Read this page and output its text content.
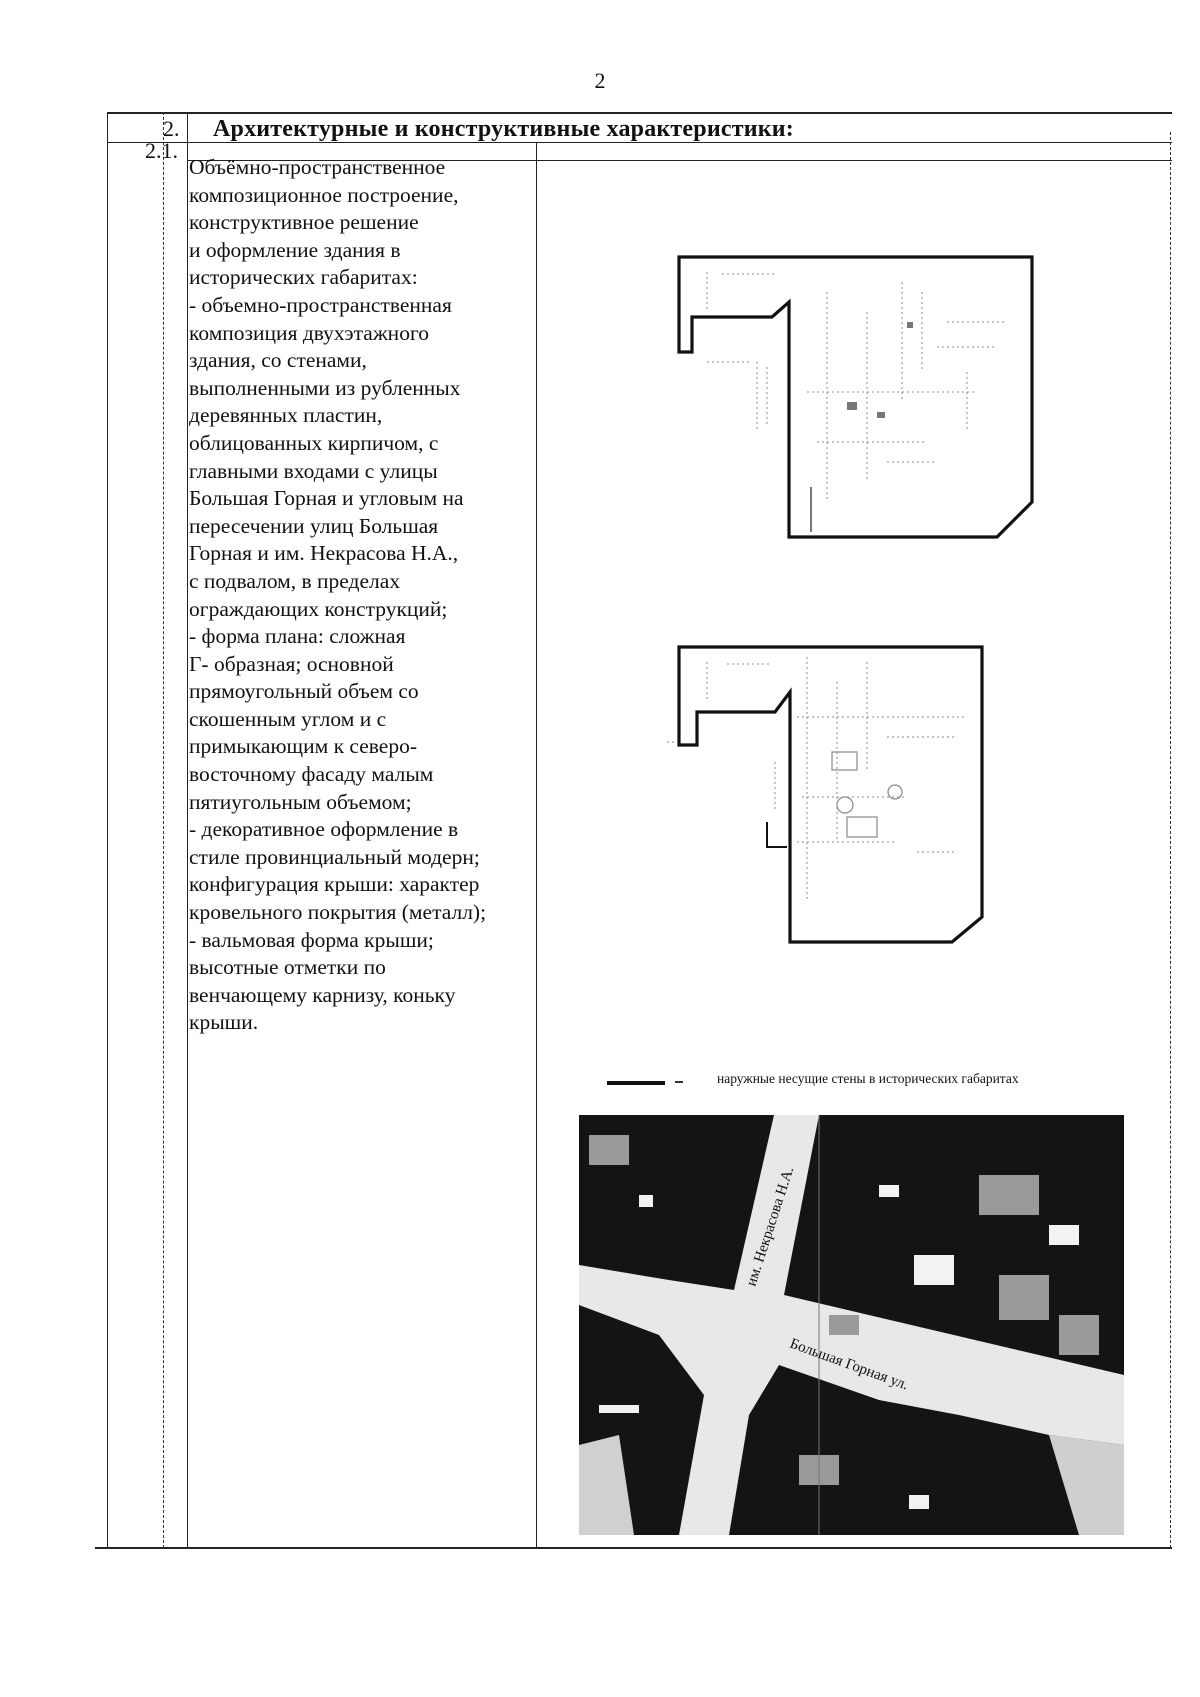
2
2. Архитектурные и конструктивные характеристики:
2.1.

Объёмно-пространственное

композиционное построение,

конструктивное решение

и оформление здания в

исторических габаритах:

- объемно-пространственная

композиция двухэтажного

здания, со стенами,

выполненными из рубленных

деревянных пластин,

облицованных кирпичом, с

главными входами с улицы

Большая Горная и угловым на

пересечении улиц Большая

Горная и им. Некрасова Н.А.,

с подвалом, в пределах

ограждающих конструкций;

- форма плана: сложная

Г- образная; основной

прямоугольный объем со

скошенным углом и с

примыкающим к северо-

восточному фасаду малым

пятиугольным объемом;

- декоративное оформление в

стиле провинциальный модерн;

конфигурация крыши: характер

кровельного покрытия (металл);

- вальмовая форма крыши;

высотные отметки по

венчающему карнизу, коньку

крыши.

наружные несущие стены в исторических габаритах
им. Некрасова Н.А.
Большая Горная ул.
